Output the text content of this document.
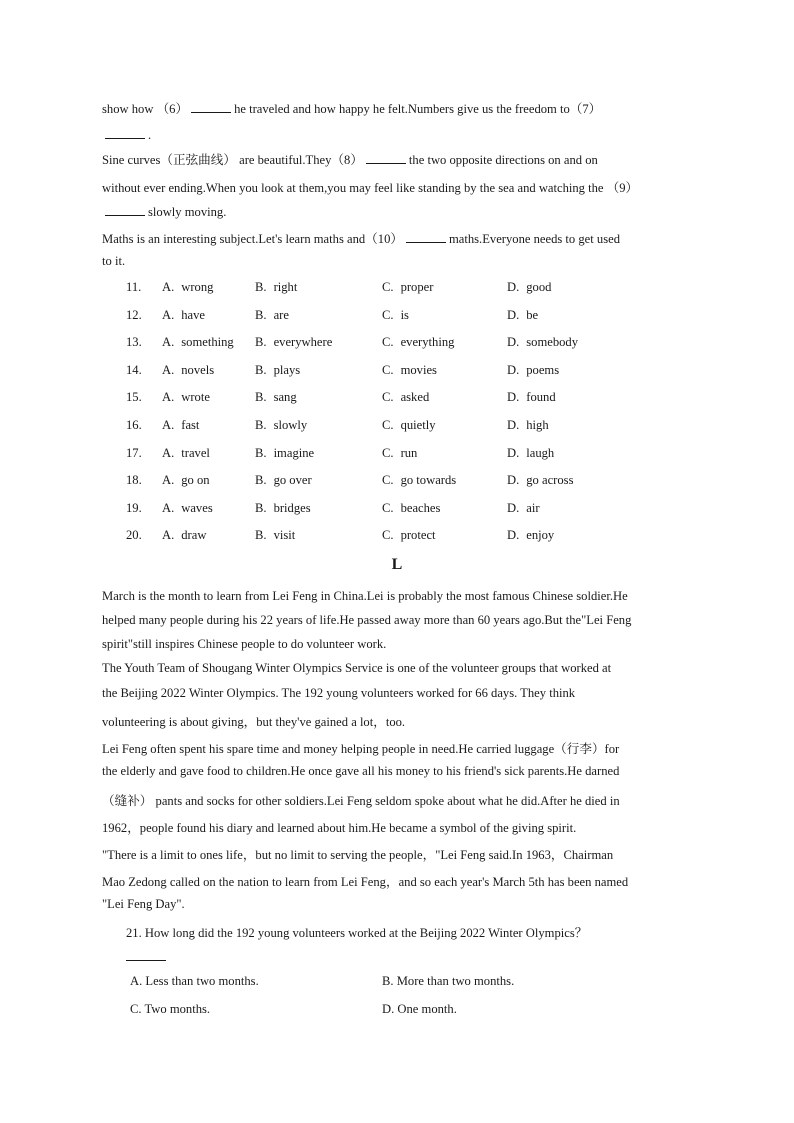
show how （6）	he traveled and how happy he felt.Numbers give us the freedom to（7）
.
Sine curves（正弦曲线） are beautiful.They（8）	the two opposite directions on and on
without ever ending.When you look at them,you may feel like standing by the sea and watching the （9）
slowly moving.
Maths is an interesting subject.Let's learn maths and（10）	maths.Everyone needs to get used
to it.
11. A. wrong	B. right	C. proper	D. good
12. A. have	B. are	C. is	D. be
13. A. something B. everywhere	C. everything	D. somebody
14. A. novels	B. plays	C. movies	D. poems
15. A. wrote	B. sang	C. asked	D. found
16. A. fast	B. slowly	C. quietly	D. high
17. A. travel	B. imagine	C. run	D. laugh
18. A. go on	B. go over	C. go towards	D. go across
19. A. waves	B. bridges	C. beaches	D. air
20. A. draw	B. visit	C. protect	D. enjoy
L
March is the month to learn from Lei Feng in China.Lei is probably the most famous Chinese soldier.He
helped many people during his 22 years of life.He passed away more than 60 years ago.But the"Lei Feng
spirit"still inspires Chinese people to do volunteer work.
The Youth Team of Shougang Winter Olympics Service is one of the volunteer groups that worked at
the Beijing 2022 Winter Olympics. The 192 young volunteers worked for 66 days. They think
volunteering is about giving，but they've gained a lot，too.
Lei Feng often spent his spare time and money helping people in need.He carried luggage（行李）for
the elderly and gave food to children.He once gave all his money to his friend's sick parents.He darned
（缝补） pants and socks for other soldiers.Lei Feng seldom spoke about what he did.After he died in
1962，people found his diary and learned about him.He became a symbol of the giving spirit.
"There is a limit to ones life，but no limit to serving the people，"Lei Feng said.In 1963，Chairman
Mao Zedong called on the nation to learn from Lei Feng，and so each year's March 5th has been named
"Lei Feng Day".
21. How long did the 192 young volunteers worked at the Beijing 2022 Winter Olympics？
A. Less than two months.	B. More than two months.
C. Two months.	D. One month.
